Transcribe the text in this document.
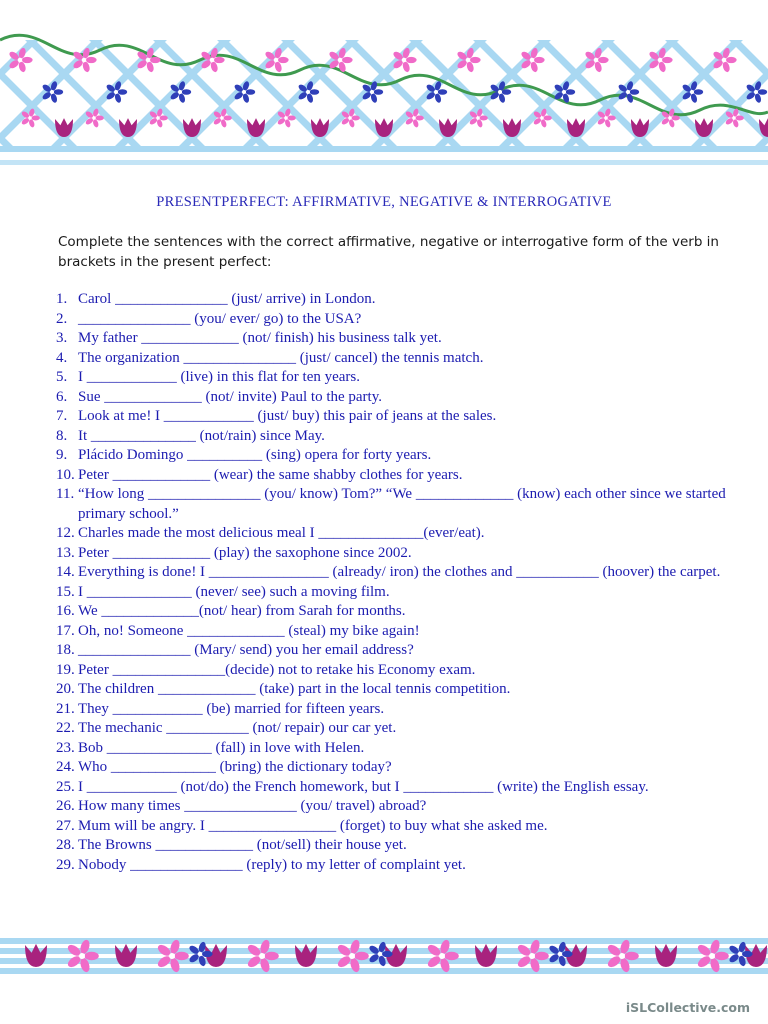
PRESENTPERFECT: AFFIRMATIVE, NEGATIVE & INTERROGATIVE
Complete the sentences with the correct affirmative, negative or interrogative form of the verb in brackets in the present perfect:
1. Carol _______________ (just/ arrive) in London.
2. _______________ (you/ ever/ go) to the USA?
3. My father _____________ (not/ finish) his business talk yet.
4. The organization _______________ (just/ cancel) the tennis match.
5. I ____________ (live) in this flat for ten years.
6. Sue _____________ (not/ invite) Paul to the party.
7. Look at me! I ____________ (just/ buy) this pair of jeans at the sales.
8. It ______________ (not/rain) since May.
9. Plácido Domingo __________ (sing) opera for forty years.
10. Peter _____________ (wear) the same shabby clothes for years.
11. “How long _______________ (you/ know) Tom?” “We _____________ (know) each other since we started primary school.”
12. Charles made the most delicious meal I ______________(ever/eat).
13. Peter _____________ (play) the saxophone since 2002.
14. Everything is done! I ________________ (already/ iron) the clothes and ___________ (hoover) the carpet.
15. I ______________ (never/ see) such a moving film.
16. We _____________(not/ hear) from Sarah for months.
17. Oh, no! Someone _____________ (steal) my bike again!
18. _______________ (Mary/ send) you her email address?
19. Peter _______________(decide) not to retake his Economy exam.
20. The children _____________ (take) part in the local tennis competition.
21. They ____________ (be) married for fifteen years.
22. The mechanic ___________ (not/ repair) our car yet.
23. Bob ______________ (fall) in love with Helen.
24. Who ______________ (bring) the dictionary today?
25. I ____________ (not/do) the French homework, but I ____________ (write) the English essay.
26. How many times _______________ (you/ travel) abroad?
27. Mum will be angry. I _________________ (forget) to buy what she asked me.
28. The Browns _____________ (not/sell) their house yet.
29. Nobody _______________ (reply) to my letter of complaint yet.
iSLCollective.com
